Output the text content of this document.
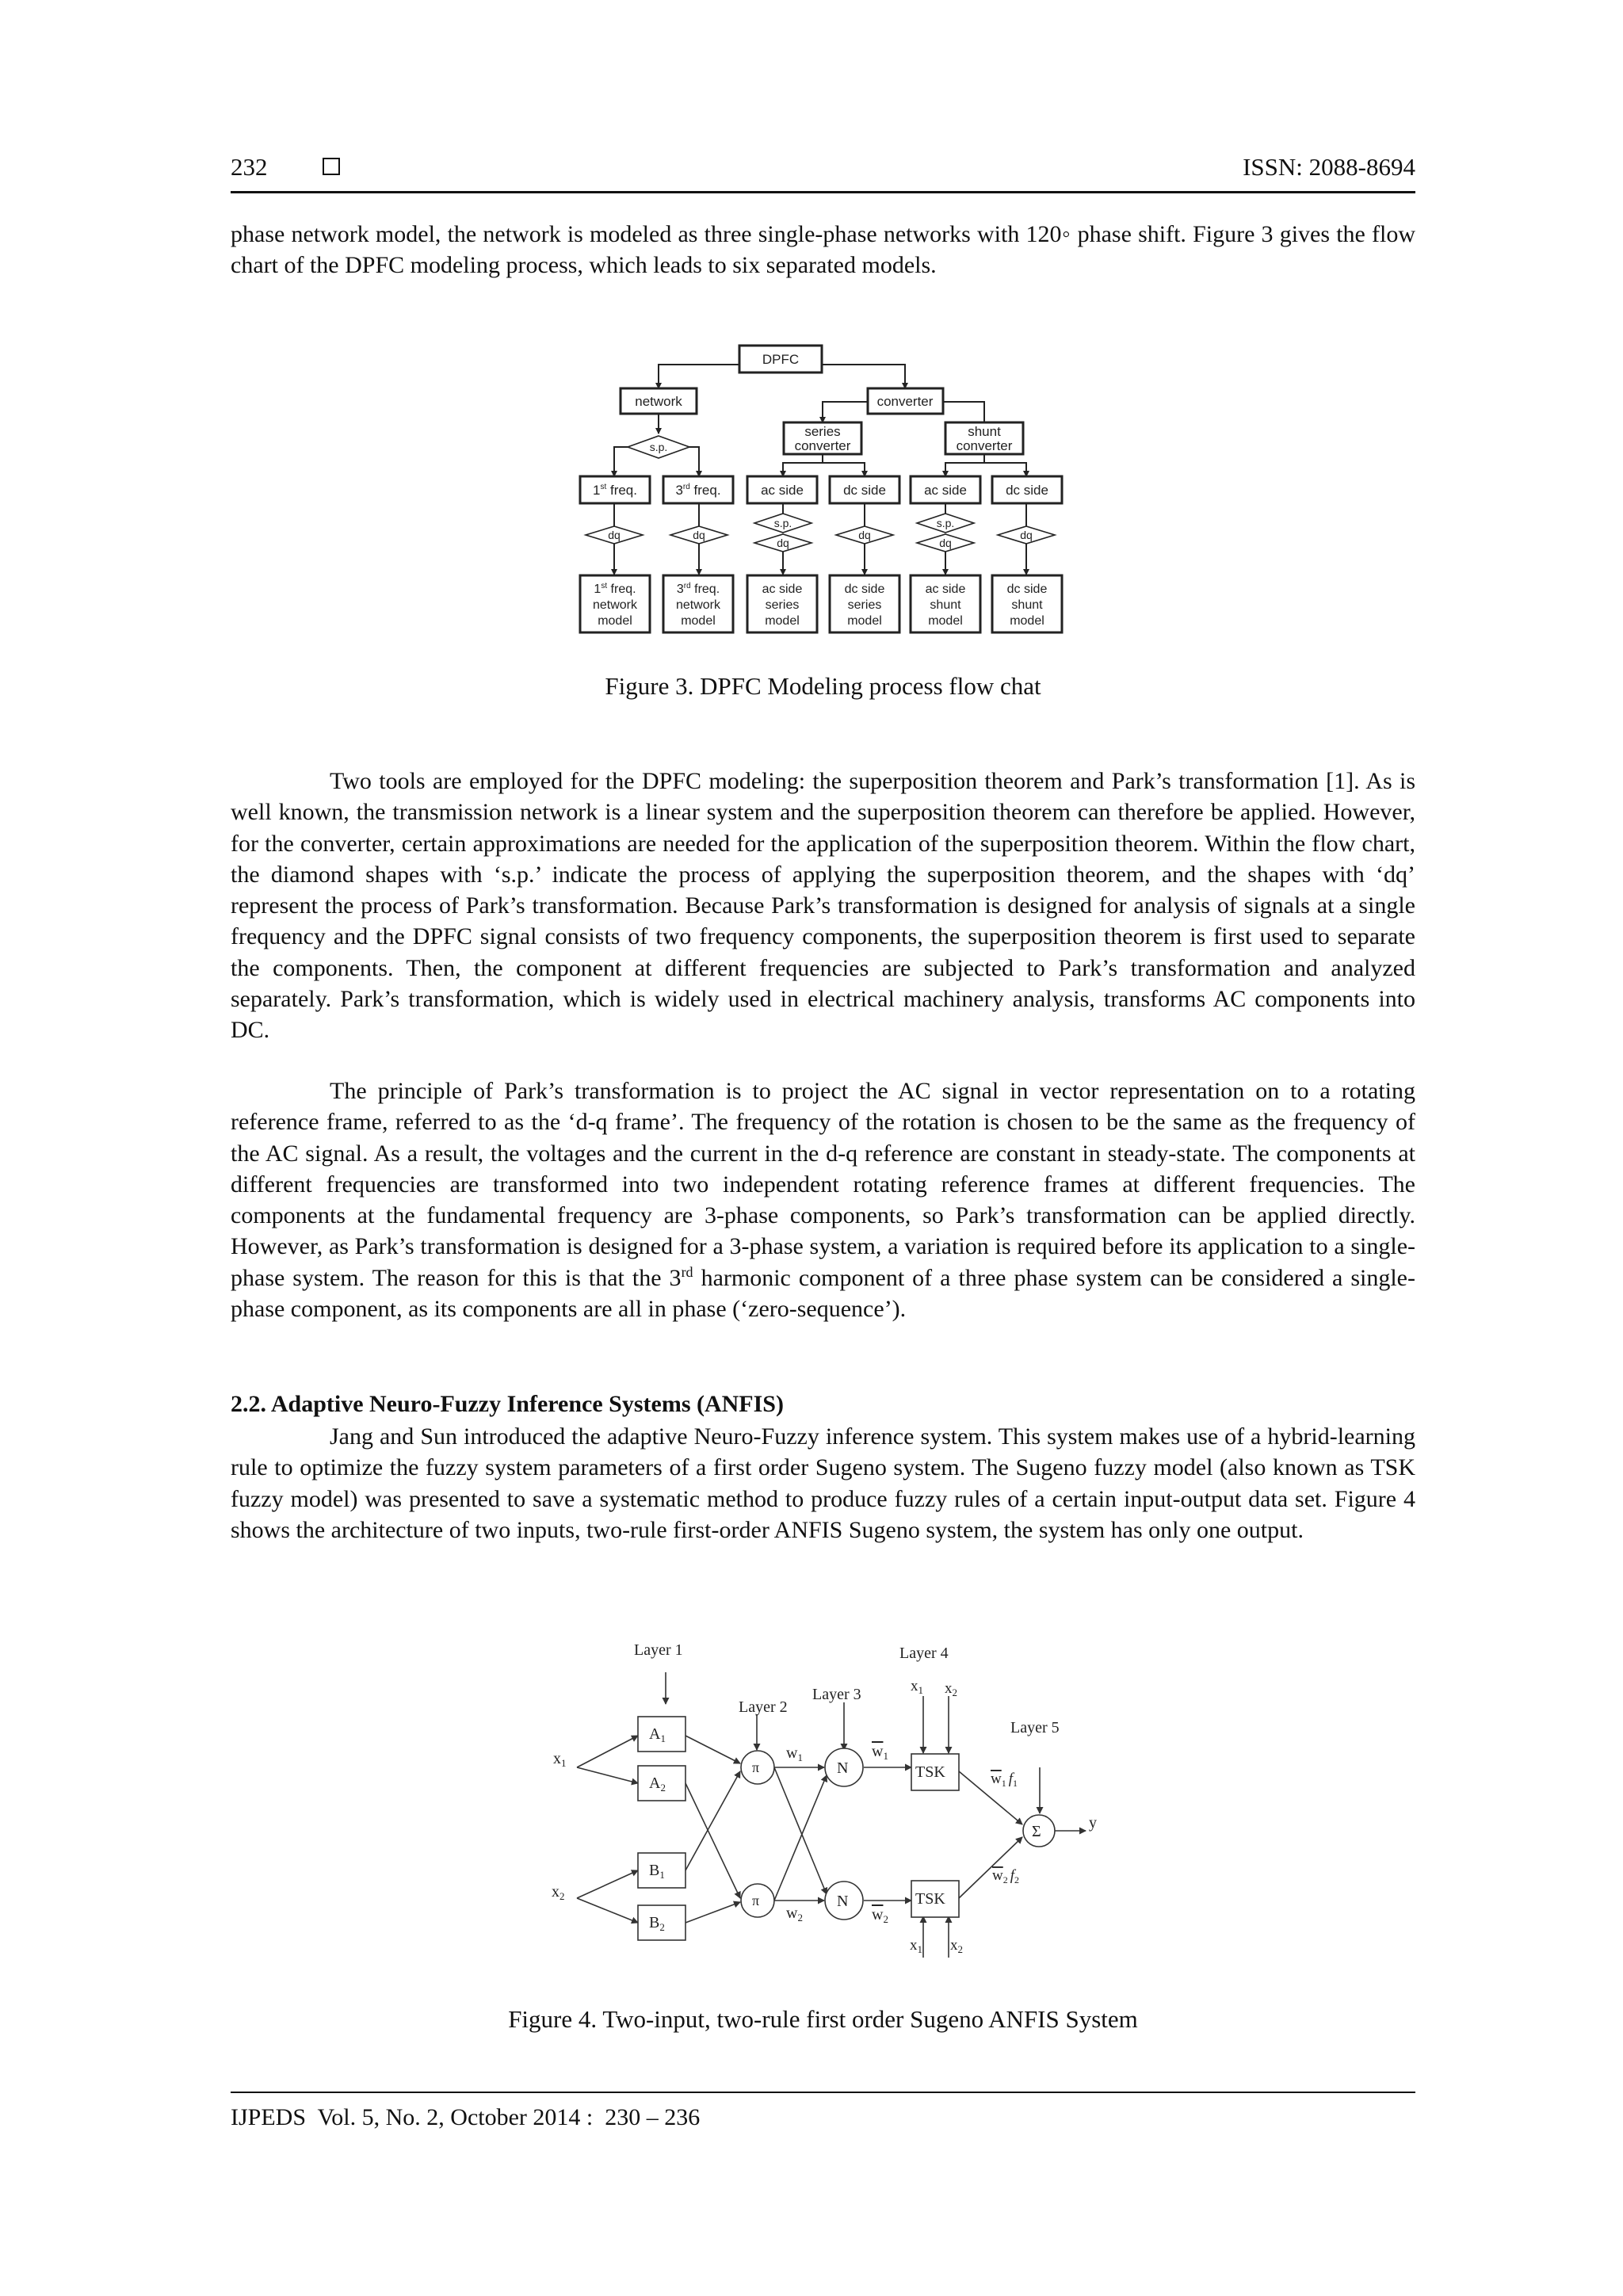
232	ISSN: 2088-8694

phase network model, the network is modeled as three single-phase networks with 120◦ phase shift. Figure 3 gives the flow chart of the DPFC modeling process, which leads to six separated models.

DPFC
network	converter
series
converter
shunt
converter
1st freq.	3rd freq.	ac side	dc side	ac side	dc side
s.p.
dq	dq
s.p.
dq
dq
s.p.
dq
dq
1st freq.
network
model
3rd freq.
network
model
ac side
series
model
dc side
series
model
ac side
shunt
model
dc side
shunt
model
Figure 3. DPFC Modeling process flow chat

Two tools are employed for the DPFC modeling: the superposition theorem and Park’s transformation [1]. As is well known, the transmission network is a linear system and the superposition theorem can therefore be applied. However, for the converter, certain approximations are needed for the application of the superposition theorem. Within the flow chart, the diamond shapes with ‘s.p.’ indicate the process of applying the superposition theorem, and the shapes with ‘dq’ represent the process of Park’s transformation. Because Park’s transformation is designed for analysis of signals at a single frequency and the DPFC signal consists of two frequency components, the superposition theorem is first used to separate the components. Then, the component at different frequencies are subjected to Park’s transformation and analyzed separately. Park’s transformation, which is widely used in electrical machinery analysis, transforms AC components into DC.

The principle of Park’s transformation is to project the AC signal in vector representation on to a rotating reference frame, referred to as the ‘d-q frame’. The frequency of the rotation is chosen to be the same as the frequency of the AC signal. As a result, the voltages and the current in the d-q reference are constant in steady-state. The components at different frequencies are transformed into two independent rotating reference frames at different frequencies. The components at the fundamental frequency are 3-phase components, so Park’s transformation can be applied directly. However, as Park’s transformation is designed for a 3-phase system, a variation is required before its application to a single-phase system. The reason for this is that the 3rd harmonic component of a three phase system can be considered a single-phase component, as its components are all in phase (‘zero-sequence’).

2.2. Adaptive Neuro-Fuzzy Inference Systems (ANFIS)

Jang and Sun introduced the adaptive Neuro-Fuzzy inference system. This system makes use of a hybrid-learning rule to optimize the fuzzy system parameters of a first order Sugeno system. The Sugeno fuzzy model (also known as TSK fuzzy model) was presented to save a systematic method to produce fuzzy rules of a certain input-output data set. Figure 4 shows the architecture of two inputs, two-rule first-order ANFIS Sugeno system, the system has only one output.

Layer 1
Layer 2
Layer 3
Layer 4
Layer 5
$x_1$
$x_2$
$A_1$
$A_2$
$B_1$
$B_2$
π
π
N
N
TSK
TSK
Σ	y
$w_1$
$w_2$
$w_1$
$w_2$
$x_1$ $x_2$
$x_1$ $x_2$
$w_1$ $f_1$
$w_2$ $f_2$
Figure 4. Two-input, two-rule first order Sugeno ANFIS System
IJPEDS  Vol. 5, No. 2, October 2014 :  230 – 236
